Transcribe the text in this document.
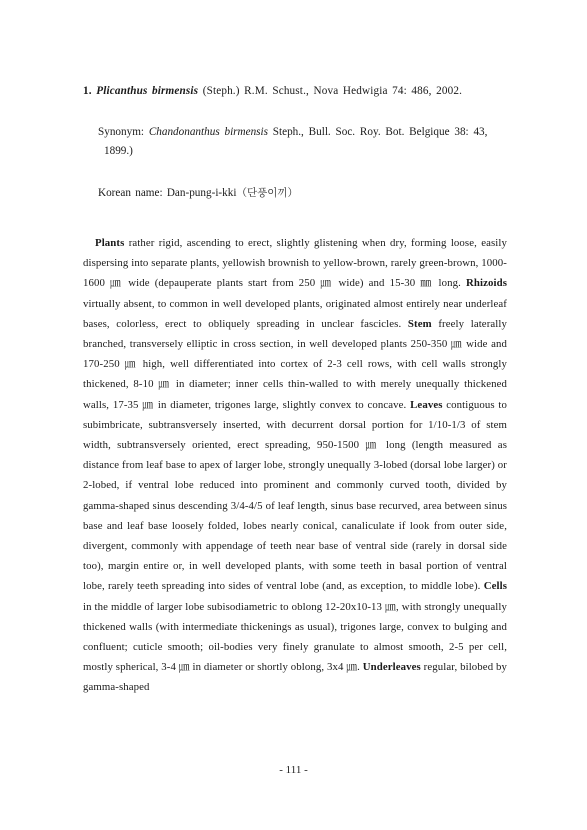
1. Plicanthus birmensis (Steph.) R.M. Schust., Nova Hedwigia 74: 486, 2002.
Synonym: Chandonanthus birmensis Steph., Bull. Soc. Roy. Bot. Belgique 38: 43,
1899.)
Korean name: Dan-pung-i-kki（단풍이끼）
Plants rather rigid, ascending to erect, slightly glistening when dry, forming loose, easily dispersing into separate plants, yellowish brownish to yellow-brown, rarely green-brown, 1000-1600 ㎛ wide (depauperate plants start from 250 ㎛ wide) and 15-30 ㎜ long. Rhizoids virtually absent, to common in well developed plants, originated almost entirely near underleaf bases, colorless, erect to obliquely spreading in unclear fascicles. Stem freely laterally branched, transversely elliptic in cross section, in well developed plants 250-350 ㎛ wide and 170-250 ㎛ high, well differentiated into cortex of 2-3 cell rows, with cell walls strongly thickened, 8-10 ㎛ in diameter; inner cells thin-walled to with merely unequally thickened walls, 17-35 ㎛ in diameter, trigones large, slightly convex to concave. Leaves contiguous to subimbricate, subtransversely inserted, with decurrent dorsal portion for 1/10-1/3 of stem width, subtransversely oriented, erect spreading, 950-1500 ㎛ long (length measured as distance from leaf base to apex of larger lobe, strongly unequally 3-lobed (dorsal lobe larger) or 2-lobed, if ventral lobe reduced into prominent and commonly curved tooth, divided by gamma-shaped sinus descending 3/4-4/5 of leaf length, sinus base recurved, area between sinus base and leaf base loosely folded, lobes nearly conical, canaliculate if look from outer side, divergent, commonly with appendage of teeth near base of ventral side (rarely in dorsal side too), margin entire or, in well developed plants, with some teeth in basal portion of ventral lobe, rarely teeth spreading into sides of ventral lobe (and, as exception, to middle lobe). Cells in the middle of larger lobe subisodiametric to oblong 12-20x10-13 ㎛, with strongly unequally thickened walls (with intermediate thickenings as usual), trigones large, convex to bulging and confluent; cuticle smooth; oil-bodies very finely granulate to almost smooth, 2-5 per cell, mostly spherical, 3-4 ㎛ in diameter or shortly oblong, 3x4 ㎛. Underleaves regular, bilobed by gamma-shaped
- 111 -
